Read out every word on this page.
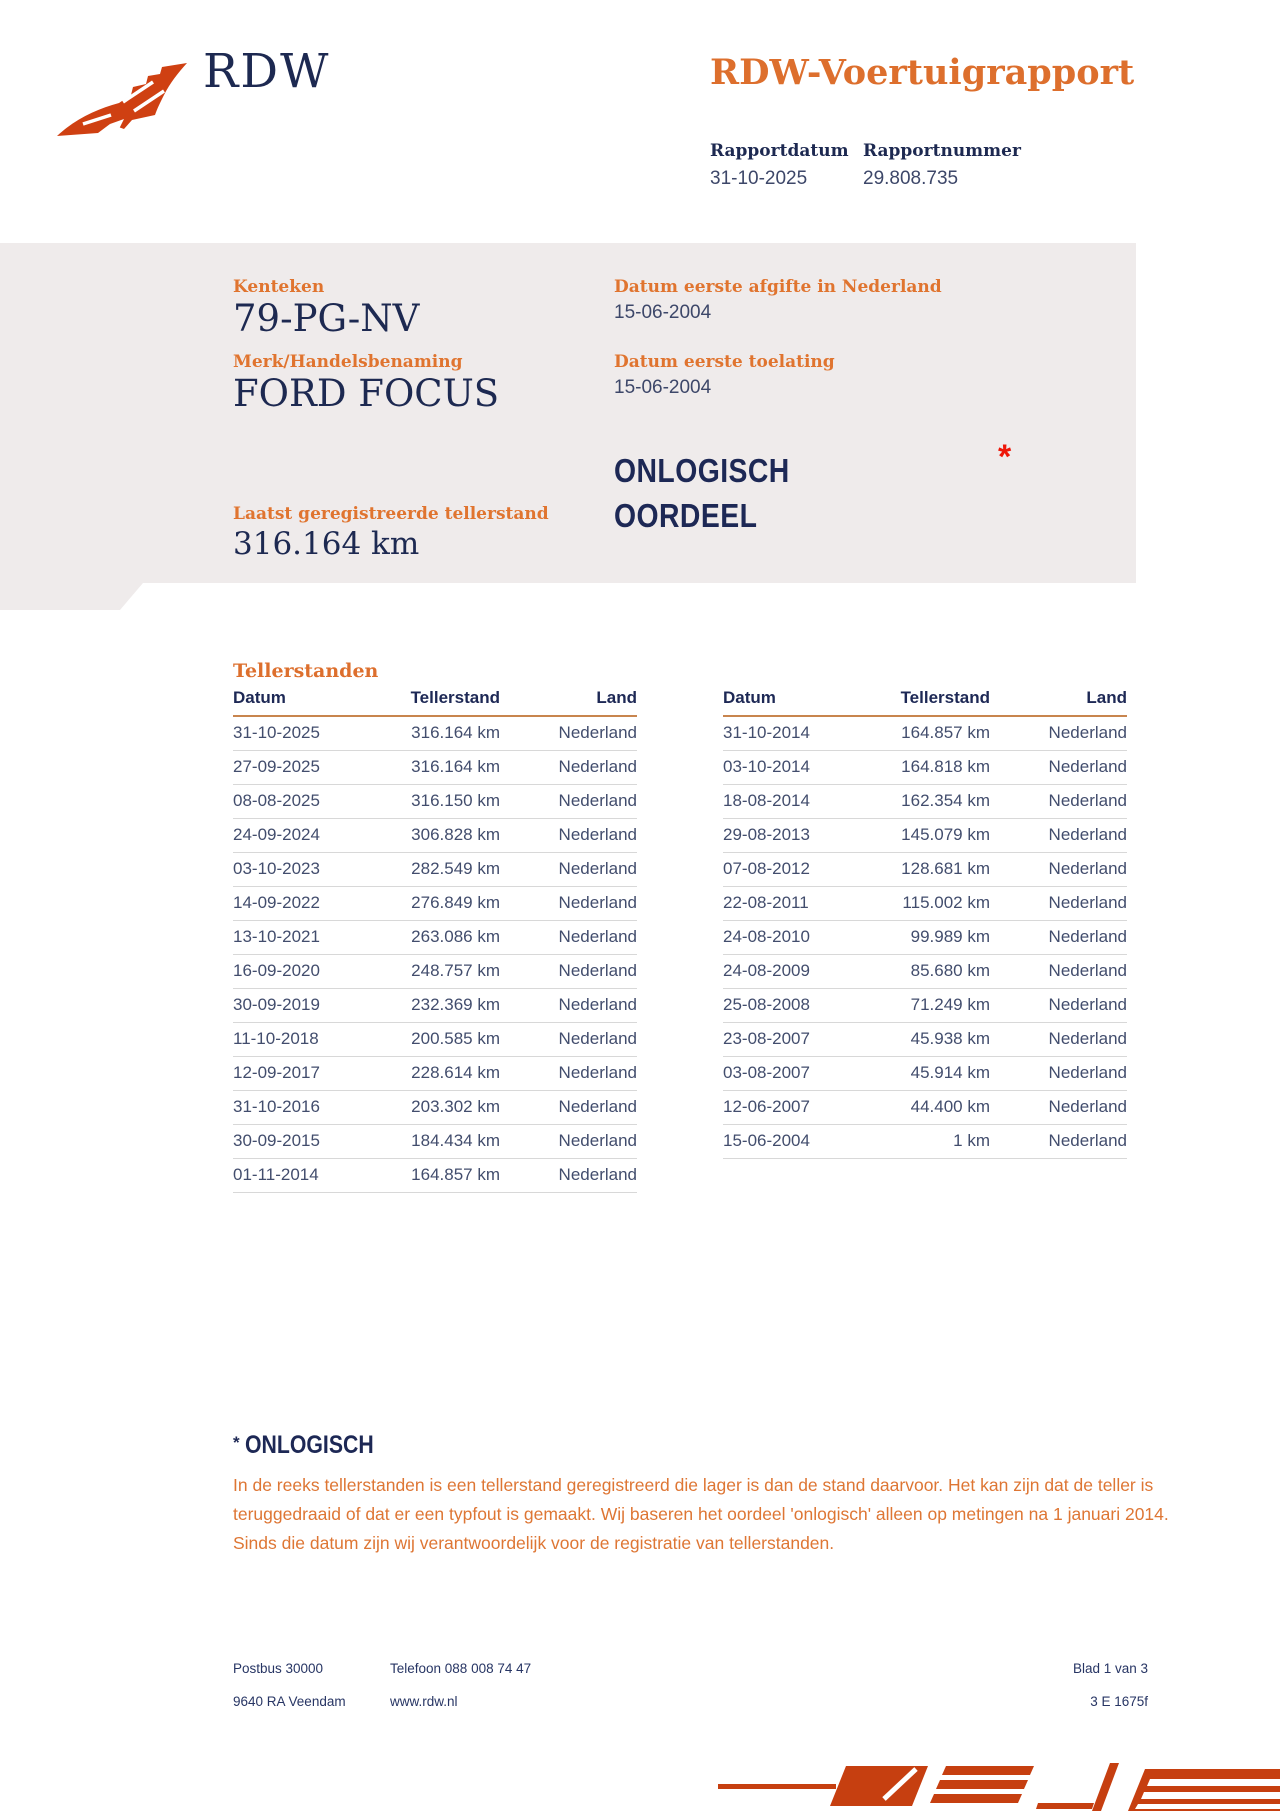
RDW	RDW-Voertuigrapport
Rapportdatum
31-10-2025
Rapportnummer
29.808.735
Kenteken
79-PG-NV
Merk/Handelsbenaming
FORD FOCUS
Laatst geregistreerde tellerstand
316.164 km
Datum eerste afgifte in Nederland
15-06-2004
Datum eerste toelating
15-06-2004
ONLOGISCH
OORDEEL
*
Tellerstanden
Datum	Tellerstand	Land
31-10-2025	316.164 km	Nederland
27-09-2025	316.164 km	Nederland
08-08-2025	316.150 km	Nederland
24-09-2024	306.828 km	Nederland
03-10-2023	282.549 km	Nederland
14-09-2022	276.849 km	Nederland
13-10-2021	263.086 km	Nederland
16-09-2020	248.757 km	Nederland
30-09-2019	232.369 km	Nederland
11-10-2018	200.585 km	Nederland
12-09-2017	228.614 km	Nederland
31-10-2016	203.302 km	Nederland
30-09-2015	184.434 km	Nederland
01-11-2014	164.857 km	Nederland
Datum	Tellerstand	Land
31-10-2014	164.857 km	Nederland
03-10-2014	164.818 km	Nederland
18-08-2014	162.354 km	Nederland
29-08-2013	145.079 km	Nederland
07-08-2012	128.681 km	Nederland
22-08-2011	115.002 km	Nederland
24-08-2010	99.989 km	Nederland
24-08-2009	85.680 km	Nederland
25-08-2008	71.249 km	Nederland
23-08-2007	45.938 km	Nederland
03-08-2007	45.914 km	Nederland
12-06-2007	44.400 km	Nederland
15-06-2004	1 km	Nederland
* ONLOGISCH
In de reeks tellerstanden is een tellerstand geregistreerd die lager is dan de stand daarvoor. Het kan zijn dat de teller is teruggedraaid of dat er een typfout is gemaakt. Wij baseren het oordeel 'onlogisch' alleen op metingen na 1 januari 2014. Sinds die datum zijn wij verantwoordelijk voor de registratie van tellerstanden.
Postbus 30000
9640 RA Veendam
Telefoon 088 008 74 47
www.rdw.nl
Blad 1 van 3
3 E 1675f
